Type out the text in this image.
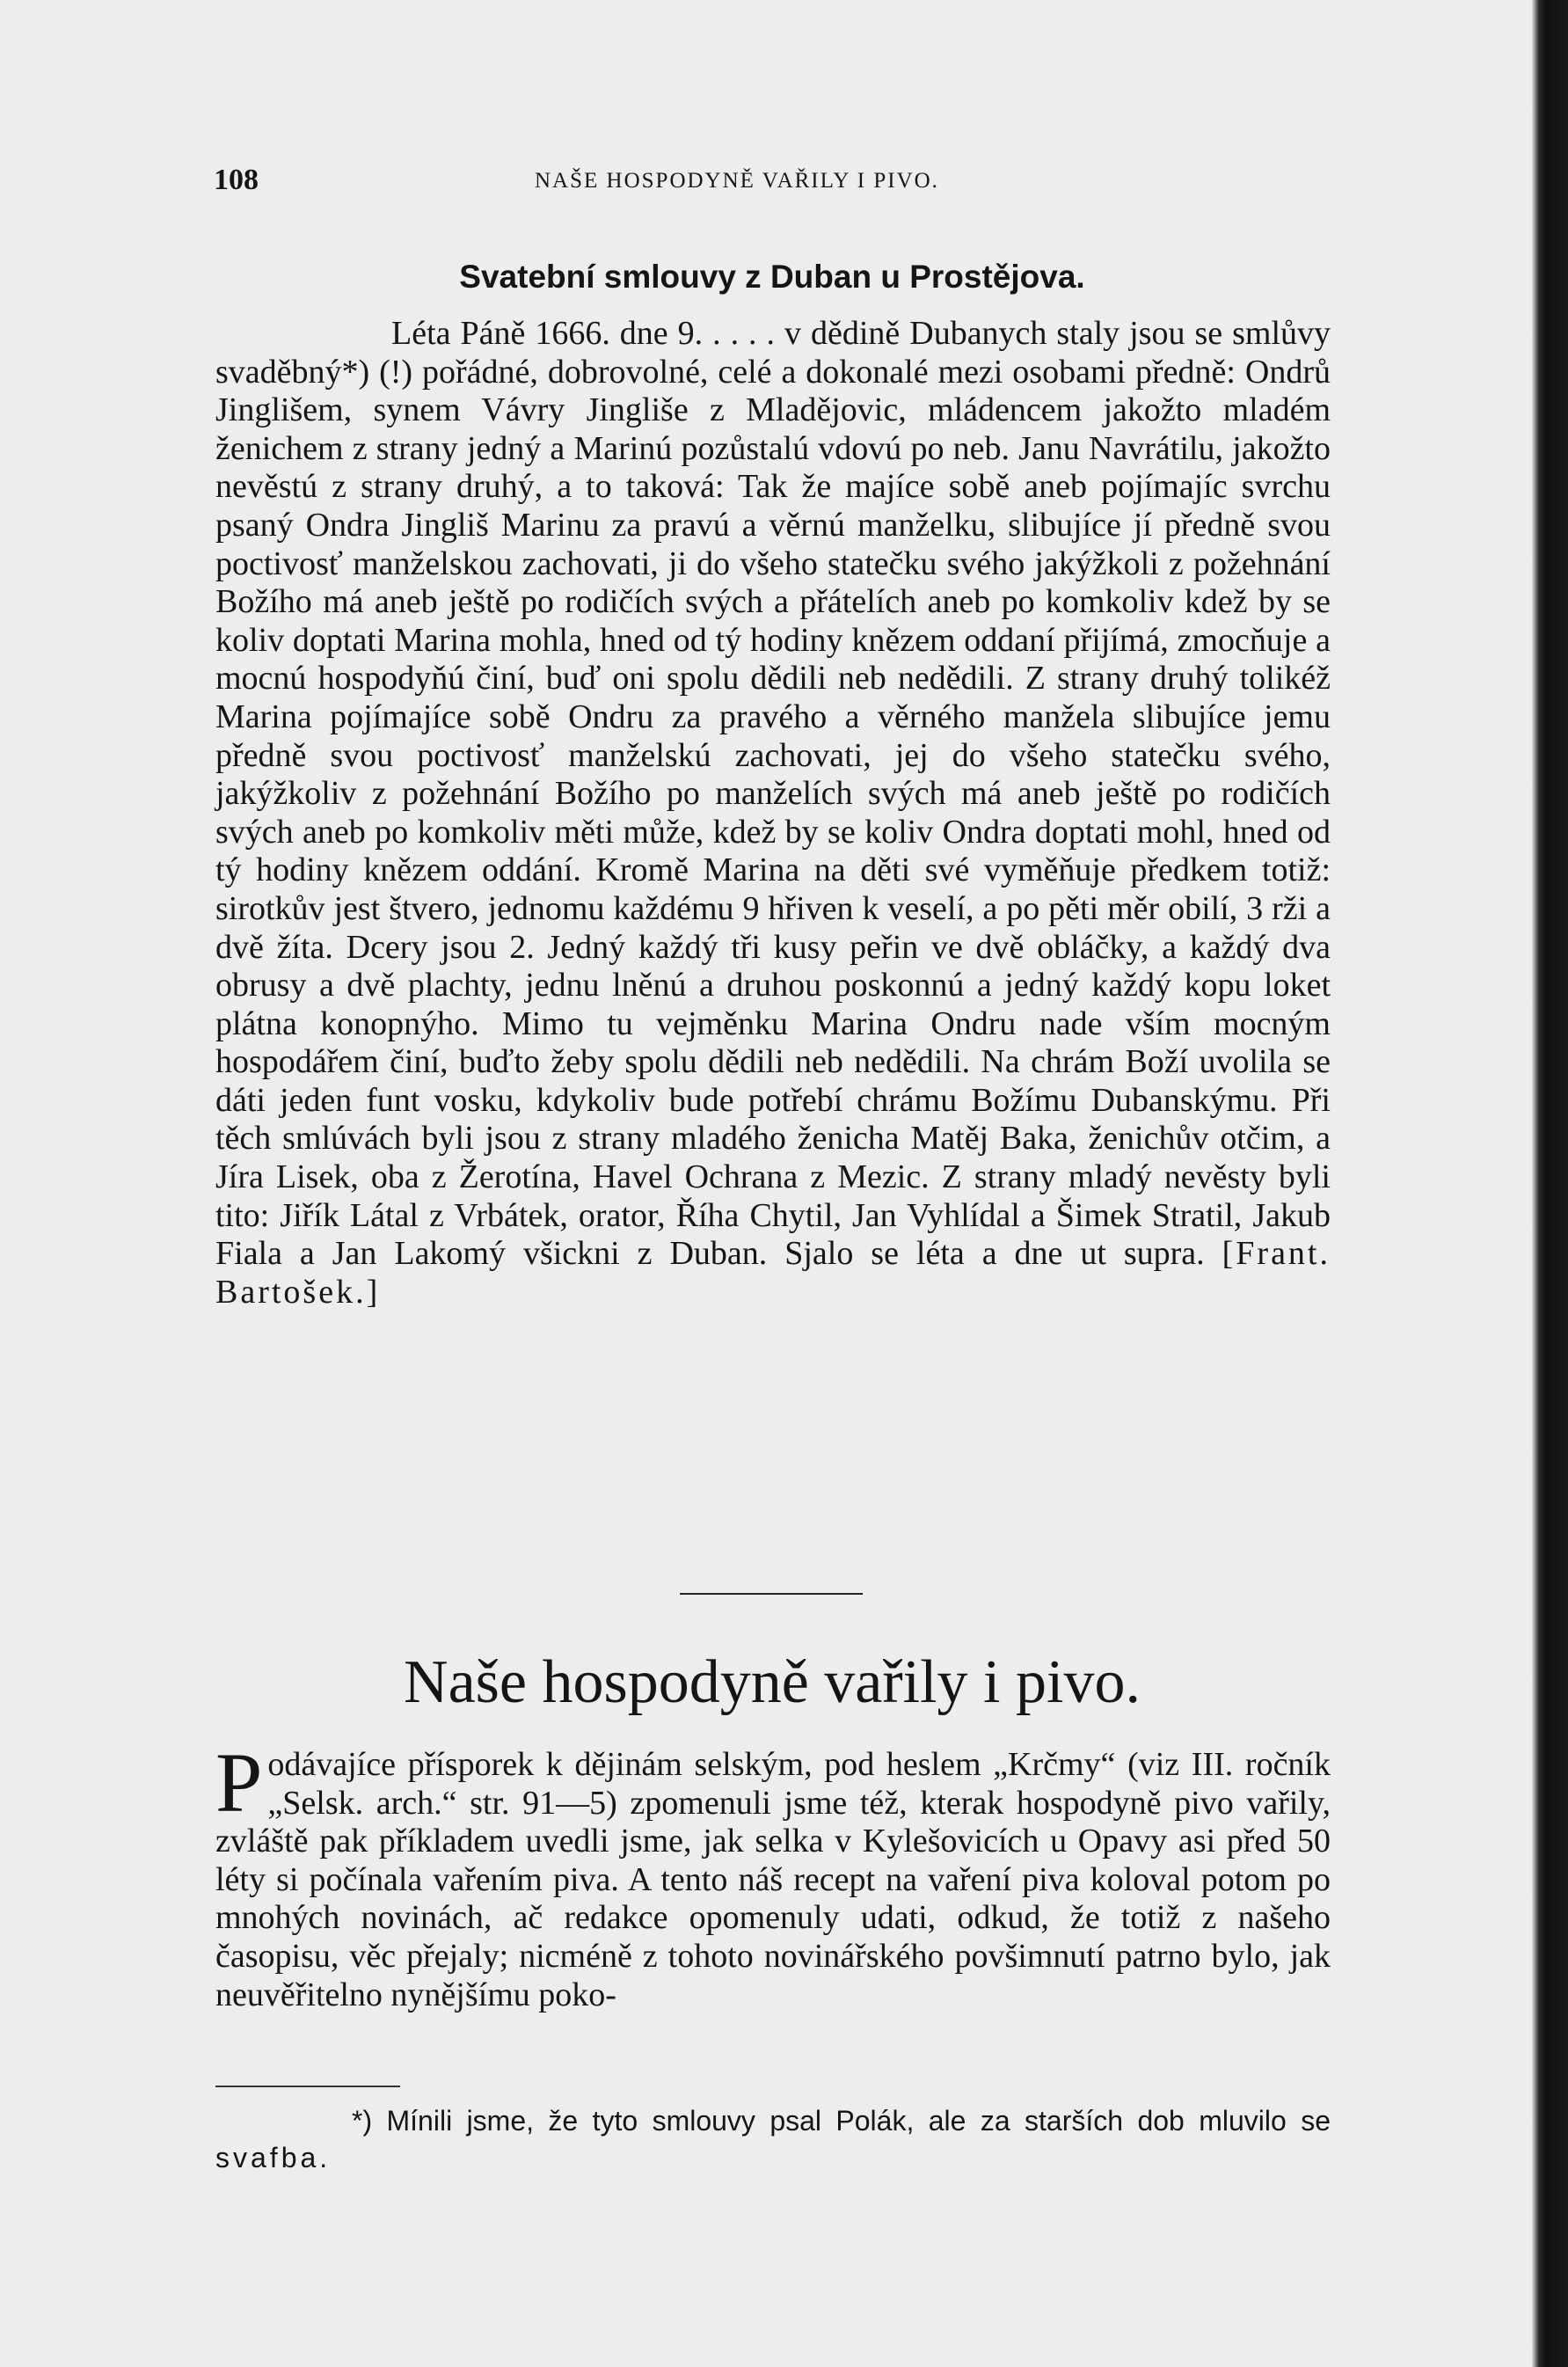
108	NAŠE HOSPODYNĚ VAŘILY I PIVO.
Svatební smlouvy z Duban u Prostějova.

Léta Páně 1666. dne 9. . . . . v dědině Dubanych staly jsou se smlůvy svaděbný*) (!) pořádné, dobrovolné, celé a dokonalé mezi osobami předně: Ondrů Jinglišem, synem Vávry Jingliše z Mladějovic, mládencem jakožto mladém ženichem z strany jedný a Marinú pozůstalú vdovú po neb. Janu Navrátilu, jakožto nevěstú z strany druhý, a to taková: Tak že majíce sobě aneb pojímajíc svrchu psaný Ondra Jingliš Marinu za pravú a věrnú manželku, slibujíce jí předně svou poctivosť manželskou zachovati, ji do všeho statečku svého jakýžkoli z požehnání Božího má aneb ještě po rodičích svých a přátelích aneb po komkoliv kdež by se koliv doptati Marina mohla, hned od tý hodiny knězem oddaní přijímá, zmocňuje a mocnú hospodyňú činí, buď oni spolu dědili neb nedědili. Z strany druhý tolikéž Marina pojímajíce sobě Ondru za pravého a věrného manžela slibujíce jemu předně svou poctivosť manželskú zachovati, jej do všeho statečku svého, jakýžkoliv z požehnání Božího po manželích svých má aneb ještě po rodičích svých aneb po komkoliv měti může, kdež by se koliv Ondra doptati mohl, hned od tý hodiny knězem oddání. Kromě Marina na děti své vyměňuje předkem totiž: sirotkův jest štvero, jednomu každému 9 hřiven k veselí, a po pěti měr obilí, 3 rži a dvě žíta. Dcery jsou 2. Jedný každý tři kusy peřin ve dvě obláčky, a každý dva obrusy a dvě plachty, jednu lněnú a druhou poskonnú a jedný každý kopu loket plátna konopnýho. Mimo tu vejměnku Marina Ondru nade vším mocným hospodářem činí, buďto žeby spolu dědili neb nedědili. Na chrám Boží uvolila se dáti jeden funt vosku, kdykoliv bude potřebí chrámu Božímu Dubanskýmu. Při těch smlúvách byli jsou z strany mladého ženicha Matěj Baka, ženichův otčim, a Jíra Lisek, oba z Žerotína, Havel Ochrana z Mezic. Z strany mladý nevěsty byli tito: Jiřík Látal z Vrbátek, orator, Říha Chytil, Jan Vyhlídal a Šimek Stratil, Jakub Fiala a Jan Lakomý všickni z Duban. Sjalo se léta a dne ut supra. [Frant. Bartošek.]

Naše hospodyně vařily i pivo.

Podávajíce přísporek k dějinám selským, pod heslem „Krčmy“ (viz III. ročník „Selsk. arch.“ str. 91—5) zpomenuli jsme též, kterak hospodyně pivo vařily, zvláště pak příkladem uvedli jsme, jak selka v Kylešovicích u Opavy asi před 50 léty si počínala vařením piva. A tento náš recept na vaření piva koloval potom po mnohých novinách, ač redakce opomenuly udati, odkud, že totiž z našeho časopisu, věc přejaly; nicméně z tohoto novinářského povšimnutí patrno bylo, jak neuvěřitelno nynějšímu poko-

*) Mínili jsme, že tyto smlouvy psal Polák, ale za starších dob mluvilo se svafba.
